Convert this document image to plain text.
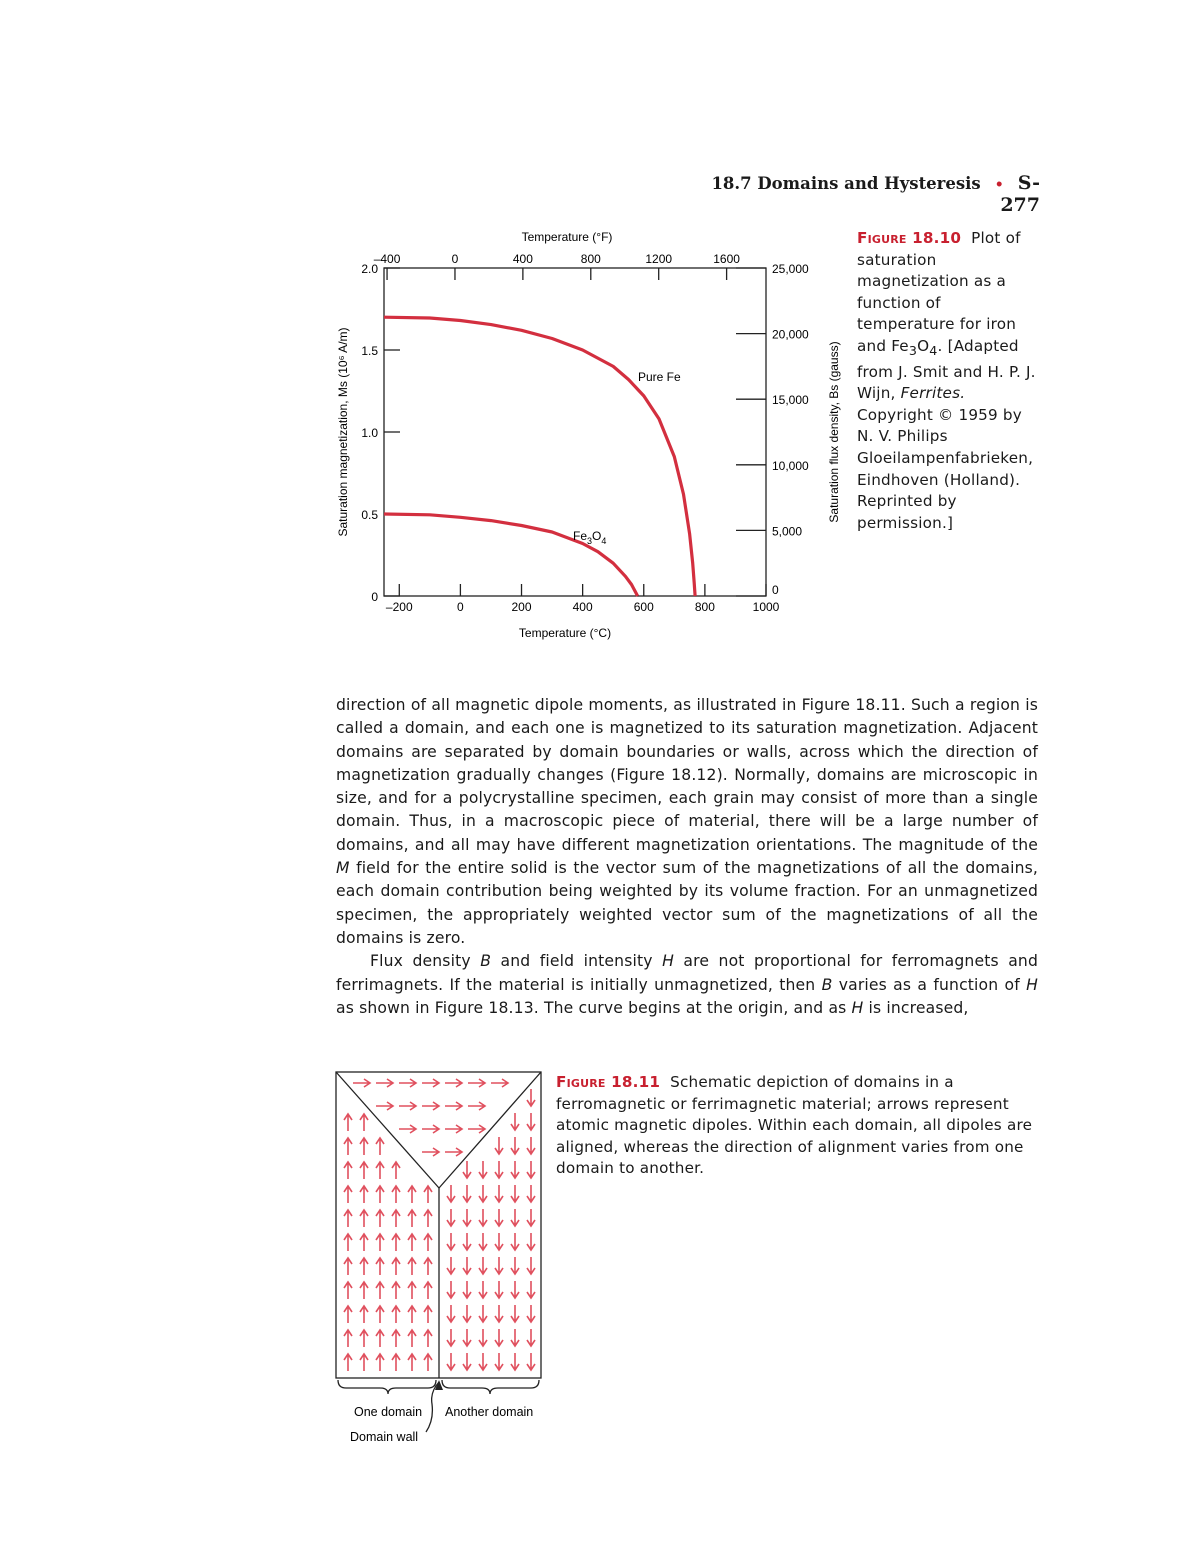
18.7 Domains and Hysteresis • S-277
–200	0	200	400	600	800	1000
Temperature (°C)
–400	0	400	800	1200	1600
Temperature (°F)
0
0.5
1.0
1.5
2.0
Saturation magnetization, Ms (10⁶ A/m)
0
5,000
10,000
15,000
20,000
25,000
Saturation flux density, Bs (gauss)
Pure Fe
$Fe_3O_4$
Figure 18.10 Plot of saturation magnetization as a function of temperature for iron and $Fe_3O_4$. [Adapted from J. Smit and H. P. J. Wijn, Ferrites. Copyright © 1959 by N. V. Philips Gloeilampenfabrieken, Eindhoven (Holland). Reprinted by permission.]

direction of all magnetic dipole moments, as illustrated in Figure 18.11. Such a region is called a domain, and each one is magnetized to its saturation magnetization. Adjacent domains are separated by domain boundaries or walls, across which the direction of magnetization gradually changes (Figure 18.12). Normally, domains are microscopic in size, and for a polycrystalline specimen, each grain may consist of more than a single domain. Thus, in a macroscopic piece of material, there will be a large number of domains, and all may have different magnetization orientations. The magnitude of the M field for the entire solid is the vector sum of the magnetizations of all the domains, each domain contribution being weighted by its volume fraction. For an unmagnetized specimen, the appropriately weighted vector sum of the magnetizations of all the domains is zero.

Flux density B and field intensity H are not proportional for ferromagnets and ferrimagnets. If the material is initially unmagnetized, then B varies as a function of H as shown in Figure 18.13. The curve begins at the origin, and as H is increased,

One domain Another domain
Domain wall
Figure 18.11 Schematic depiction of domains in a ferromagnetic or ferrimagnetic material; arrows represent atomic magnetic dipoles. Within each domain, all dipoles are aligned, whereas the direction of alignment varies from one domain to another.
